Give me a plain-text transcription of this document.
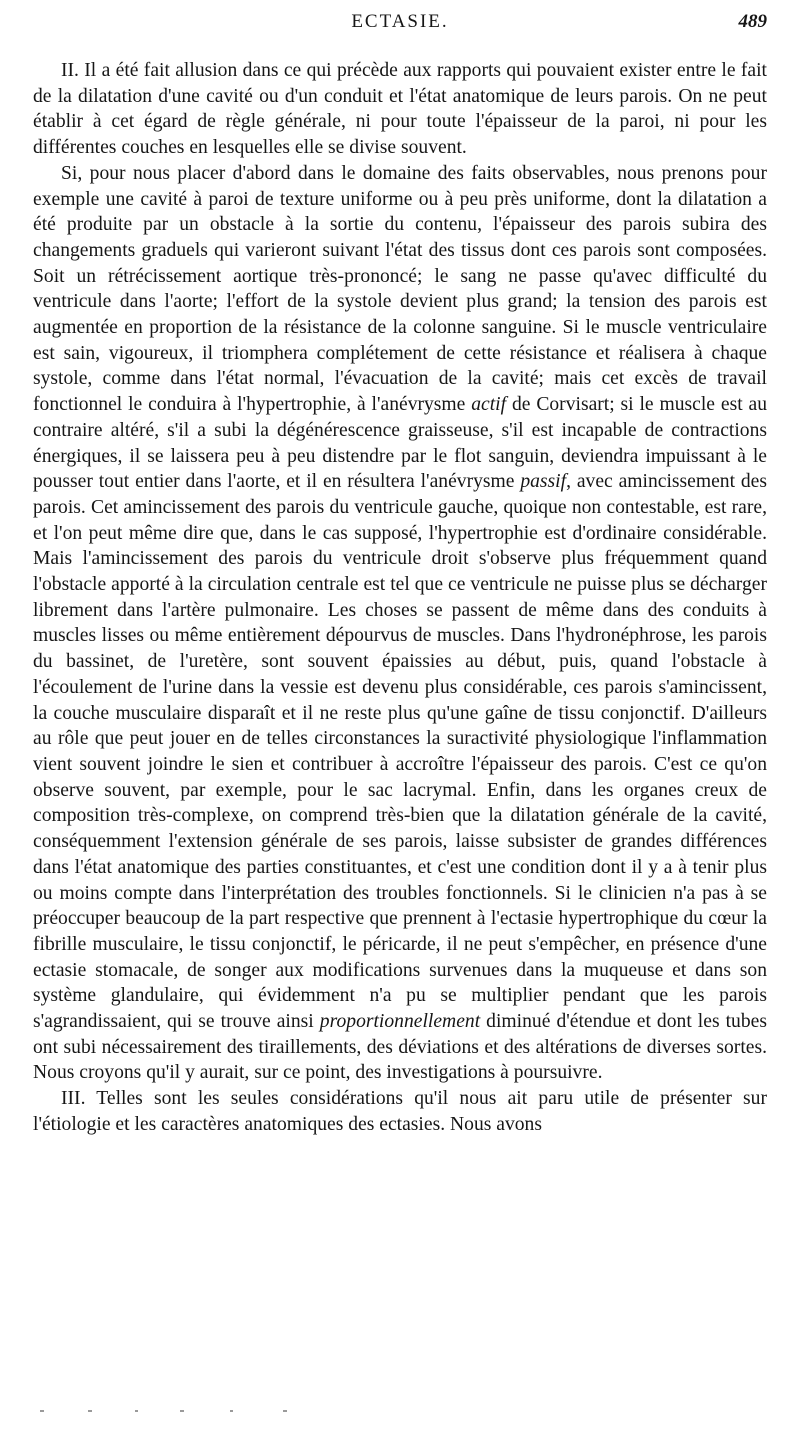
ECTASIE.	489

II. Il a été fait allusion dans ce qui précède aux rapports qui pouvaient exister entre le fait de la dilatation d'une cavité ou d'un conduit et l'état anatomique de leurs parois. On ne peut établir à cet égard de règle générale, ni pour toute l'épaisseur de la paroi, ni pour les différentes couches en lesquelles elle se divise souvent.

Si, pour nous placer d'abord dans le domaine des faits observables, nous prenons pour exemple une cavité à paroi de texture uniforme ou à peu près uniforme, dont la dilatation a été produite par un obstacle à la sortie du contenu, l'épaisseur des parois subira des changements graduels qui varieront suivant l'état des tissus dont ces parois sont composées. Soit un rétrécissement aortique très-prononcé; le sang ne passe qu'avec difficulté du ventricule dans l'aorte; l'effort de la systole devient plus grand; la tension des parois est augmentée en proportion de la résistance de la colonne sanguine. Si le muscle ventriculaire est sain, vigoureux, il triomphera complétement de cette résistance et réalisera à chaque systole, comme dans l'état normal, l'évacuation de la cavité; mais cet excès de travail fonctionnel le conduira à l'hypertrophie, à l'anévrysme actif de Corvisart; si le muscle est au contraire altéré, s'il a subi la dégénérescence graisseuse, s'il est incapable de contractions énergiques, il se laissera peu à peu distendre par le flot sanguin, deviendra impuissant à le pousser tout entier dans l'aorte, et il en résultera l'anévrysme passif, avec amincissement des parois. Cet amincissement des parois du ventricule gauche, quoique non contestable, est rare, et l'on peut même dire que, dans le cas supposé, l'hypertrophie est d'ordinaire considérable. Mais l'amincissement des parois du ventricule droit s'observe plus fréquemment quand l'obstacle apporté à la circulation centrale est tel que ce ventricule ne puisse plus se décharger librement dans l'artère pulmonaire. Les choses se passent de même dans des conduits à muscles lisses ou même entièrement dépourvus de muscles. Dans l'hydronéphrose, les parois du bassinet, de l'uretère, sont souvent épaissies au début, puis, quand l'obstacle à l'écoulement de l'urine dans la vessie est devenu plus considérable, ces parois s'amincissent, la couche musculaire disparaît et il ne reste plus qu'une gaîne de tissu conjonctif. D'ailleurs au rôle que peut jouer en de telles circonstances la suractivité physiologique l'inflammation vient souvent joindre le sien et contribuer à accroître l'épaisseur des parois. C'est ce qu'on observe souvent, par exemple, pour le sac lacrymal. Enfin, dans les organes creux de composition très-complexe, on comprend très-bien que la dilatation générale de la cavité, conséquemment l'extension générale de ses parois, laisse subsister de grandes différences dans l'état anatomique des parties constituantes, et c'est une condition dont il y a à tenir plus ou moins compte dans l'interprétation des troubles fonctionnels. Si le clinicien n'a pas à se préoccuper beaucoup de la part respective que prennent à l'ectasie hypertrophique du cœur la fibrille musculaire, le tissu conjonctif, le péricarde, il ne peut s'empêcher, en présence d'une ectasie stomacale, de songer aux modifications survenues dans la muqueuse et dans son système glandulaire, qui évidemment n'a pu se multiplier pendant que les parois s'agrandissaient, qui se trouve ainsi proportionnellement diminué d'étendue et dont les tubes ont subi nécessairement des tiraillements, des déviations et des altérations de diverses sortes. Nous croyons qu'il y aurait, sur ce point, des investigations à poursuivre.

III. Telles sont les seules considérations qu'il nous ait paru utile de présenter sur l'étiologie et les caractères anatomiques des ectasies. Nous avons
